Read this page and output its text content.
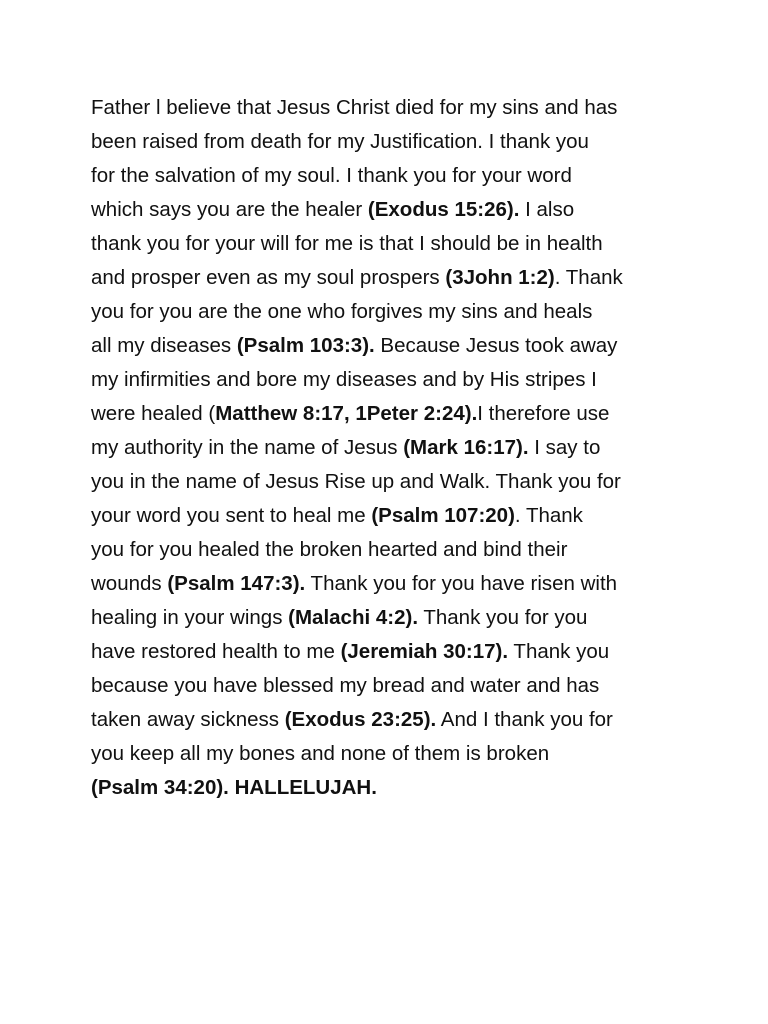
Father l believe that Jesus Christ died for my sins and has
been raised from death for my Justification. I thank you
for the salvation of my soul. I thank you for your word
which says you are the healer (Exodus 15:26). I also
thank you for your will for me is that I should be in health
and prosper even as my soul prospers (3John 1:2). Thank
you for you are the one who forgives my sins and heals
all my diseases (Psalm 103:3). Because Jesus took away
my infirmities and bore my diseases and by His stripes I
were healed (Matthew 8:17, 1Peter 2:24).I therefore use
my authority in the name of Jesus (Mark 16:17). I say to
you in the name of Jesus Rise up and Walk. Thank you for
your word you sent to heal me (Psalm 107:20). Thank
you for you healed the broken hearted and bind their
wounds (Psalm 147:3). Thank you for you have risen with
healing in your wings (Malachi 4:2). Thank you for you
have restored health to me (Jeremiah 30:17). Thank you
because you have blessed my bread and water and has
taken away sickness (Exodus 23:25). And I thank you for
you keep all my bones and none of them is broken
(Psalm 34:20). HALLELUJAH.
